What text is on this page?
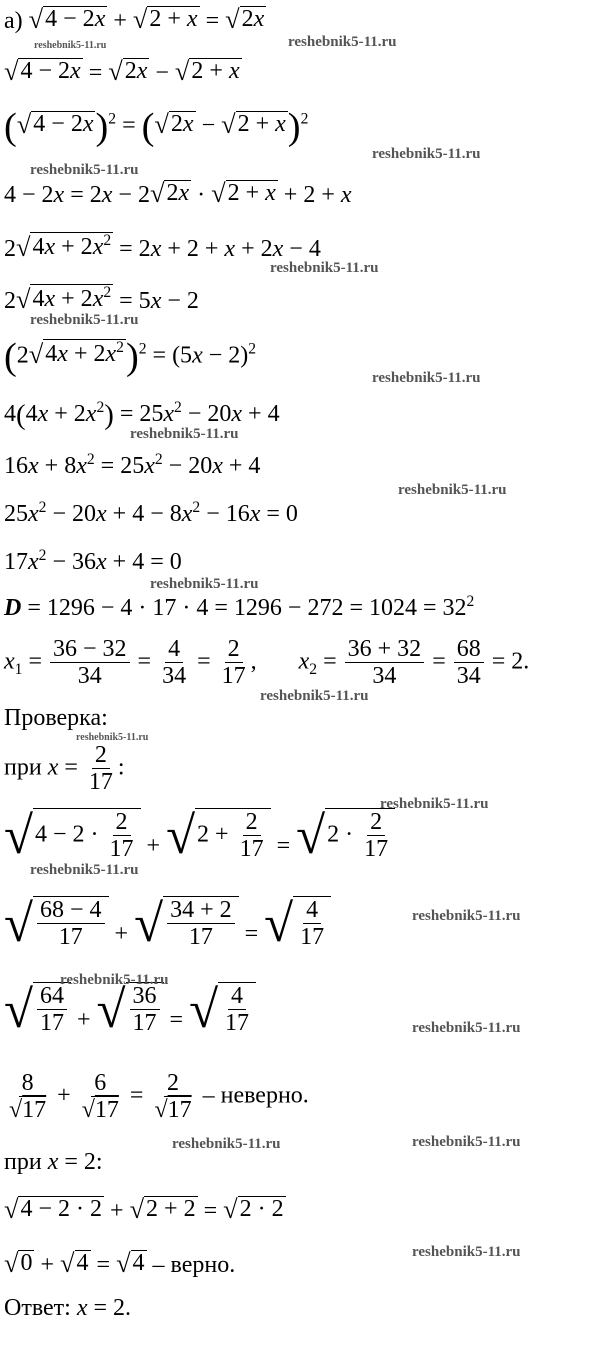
а) √ 4 − 2x + √ 2 + x = √ 2x
√ 4 − 2x = √ 2x − √ 2 + x
( √ 4 − 2x )$^2$ = ( √ 2x − √ 2 + x )$^2$
4 − 2x = 2x − 2 √ 2x · √ 2 + x + 2 + x
2 √ $4x + 2x^2 = 2x + 2 + x + 2x - 4$
2 √ $4x + 2x^2 = 5x - 2$
(2 √ $4x + 2x^2$ )$^2 = (5x - 2)^2$
$4(4x + 2x^2) = 25x^2 - 20x + 4$
$16x + 8x^2 = 25x^2 - 20x + 4$
$25x^2 - 20x + 4 - 8x^2 - 16x = 0$
$17x^2 - 36x + 4 = 0$
$D = 1296 - 4 \cdot 17 \cdot 4 = 1296 - 272 = 1024 = 32^2$
$x_1 = \frac{36 - 32}{34} = \frac{4}{34} = \frac{2}{17}$ ,       $x_2 = \frac{36 + 32}{34} = \frac{68}{34} = 2$.
Проверка:
при $x = \frac{2}{17}$ :
√ $4 - 2 \cdot \frac{2}{17}$ + √ $2 + \frac{2}{17}$ = √ $2 \cdot \frac{2}{17}$
√ $\frac{68 - 4}{17}$ + √ $\frac{34 + 2}{17}$ = √ $\frac{4}{17}$
√ $\frac{64}{17}$ + √ $\frac{36}{17}$ = √ $\frac{4}{17}$
$\frac{8}{√17} + \frac{6}{√17} = \frac{2}{√17}$ – неверно.
при x = 2:
√ 4 − 2 · 2 + √ 2 + 2 = √ 2 · 2
√ 0 + √ 4 = √ 4 – верно.
Ответ: x = 2.
reshebnik5-11.ru	reshebnik5-11.ru
reshebnik5-11.ru
reshebnik5-11.ru
reshebnik5-11.ru
reshebnik5-11.ru
reshebnik5-11.ru
reshebnik5-11.ru
reshebnik5-11.ru
reshebnik5-11.ru
reshebnik5-11.ru
reshebnik5-11.ru
reshebnik5-11.ru
reshebnik5-11.ru
reshebnik5-11.ru
reshebnik5-11.ru
reshebnik5-11.ru
reshebnik5-11.ru	reshebnik5-11.ru
reshebnik5-11.ru
